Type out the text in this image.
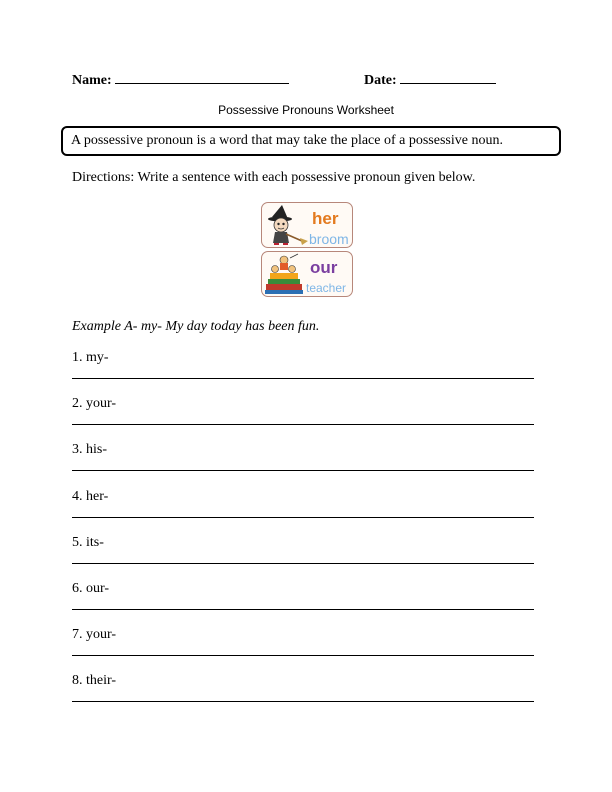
Name:	Date:
Possessive Pronouns Worksheet
A possessive pronoun is a word that may take the place of a possessive noun.
Directions: Write a sentence with each possessive pronoun given below.
her
broom
our
teacher
Example A- my- My day today has been fun.
1. my-
2. your-
3. his-
4. her-
5. its-
6. our-
7. your-
8. their-
